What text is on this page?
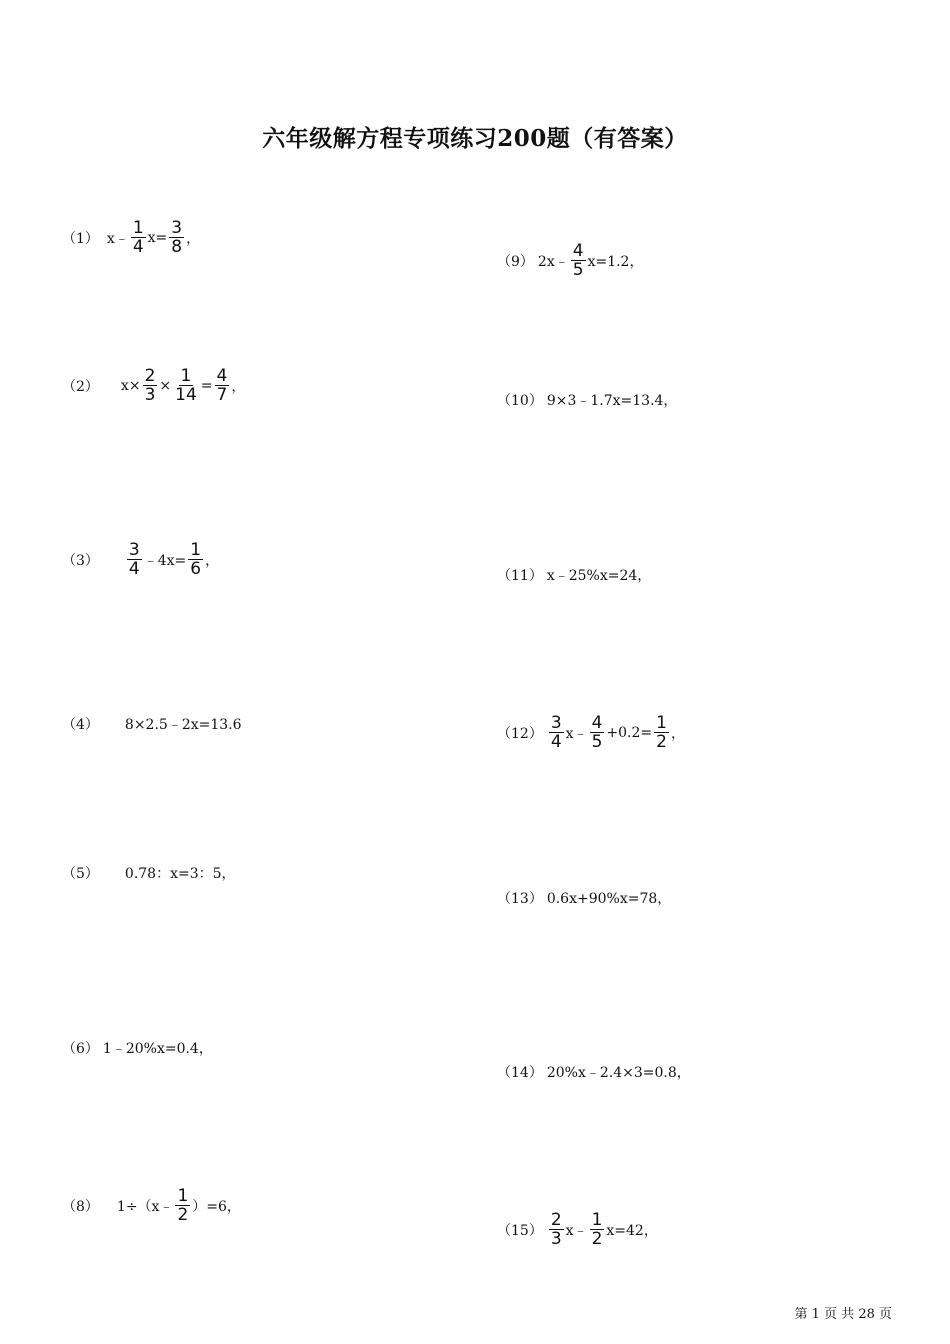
六年级解方程专项练习200题（有答案）
（1） x﹣ $\frac{1}{4} x= \frac{3}{8}$ ，
（2） $x\times \frac{2}{3} \times \frac{1}{14} = \frac{4}{7}$ ，
$(3) \frac{3}{4}$ ﹣4x= $\frac{1}{6}$ ，
（4） 8×2.5﹣2x=13.6
（5） 0.78：x=3：5，
（6） 1﹣20%x=0.4，
（8） 1÷（x﹣ $\frac{1}{2} )=6$，
（9） 2x﹣ $\frac{4}{5} x=1.2$，
（10） 9×3﹣1.7x=13.4，
（11） x﹣25%x=24，
$(12) \frac{3}{4}$ x﹣ $\frac{4}{5} +0.2= \frac{1}{2}$ ，
（13） 0.6x+90%x=78，
（14） 20%x﹣2.4×3=0.8，
$(15) \frac{2}{3}$ x﹣ $\frac{1}{2} x=42$，
第 1 页 共 28 页
